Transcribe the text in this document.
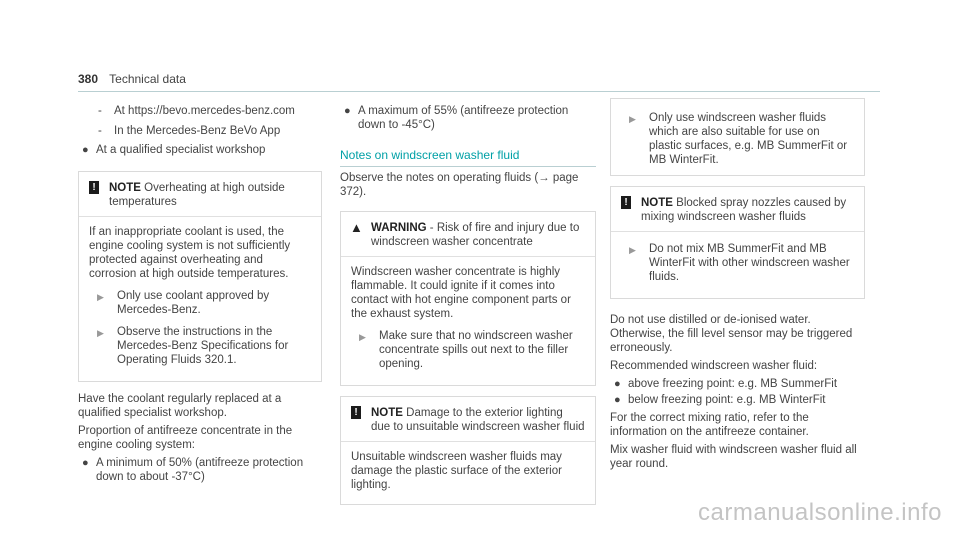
380 Technical data
- At https://bevo.mercedes-benz.com
- In the Mercedes-Benz BeVo App
● At a qualified specialist workshop
! NOTE Overheating at high outside temperatures

If an inappropriate coolant is used, the engine cooling system is not sufficiently protected against overheating and corrosion at high outside temperatures.

▶ Only use coolant approved by Mercedes-Benz.
▶ Observe the instructions in the Mercedes-Benz Specifications for Operating Fluids 320.1.

Have the coolant regularly replaced at a qualified specialist workshop.

Proportion of antifreeze concentrate in the engine cooling system:

● A minimum of 50% (antifreeze protection down to about -37°C)
● A maximum of 55% (antifreeze protection down to -45°C)
Notes on windscreen washer fluid

Observe the notes on operating fluids (→ page 372).

▲ WARNING - Risk of fire and injury due to windscreen washer concentrate

Windscreen washer concentrate is highly flammable. It could ignite if it comes into contact with hot engine component parts or the exhaust system.

▶ Make sure that no windscreen washer concentrate spills out next to the filler opening.
! NOTE Damage to the exterior lighting due to unsuitable windscreen washer fluid

Unsuitable windscreen washer fluids may damage the plastic surface of the exterior lighting.

▶ Only use windscreen washer fluids which are also suitable for use on plastic surfaces, e.g. MB SummerFit or MB WinterFit.
! NOTE Blocked spray nozzles caused by mixing windscreen washer fluids
▶ Do not mix MB SummerFit and MB WinterFit with other windscreen washer fluids.

Do not use distilled or de-ionised water. Otherwise, the fill level sensor may be triggered erroneously.

Recommended windscreen washer fluid:

● above freezing point: e.g. MB SummerFit
● below freezing point: e.g. MB WinterFit

For the correct mixing ratio, refer to the information on the antifreeze container.

Mix washer fluid with windscreen washer fluid all year round.

carmanualsonline.info
